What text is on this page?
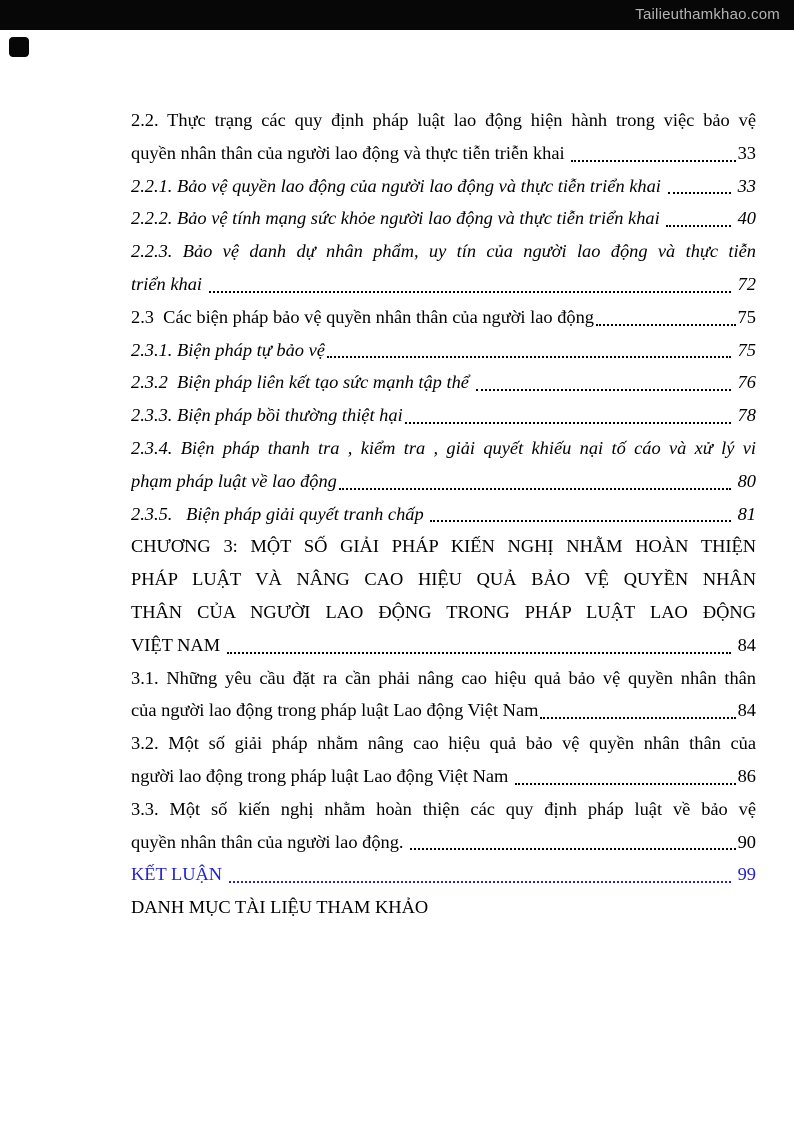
Tailieuthamkhao.com
2.2. Thực trạng các quy định pháp luật lao động hiện hành trong việc bảo vệ
quyền nhân thân của người lao động và thực tiễn triễn khai	33
2.2.1. Bảo vệ quyền lao động của người lao động và thực tiễn triển khai	33
2.2.2. Bảo vệ tính mạng sức khỏe người lao động và thực tiễn triển khai	40
2.2.3. Bảo vệ danh dự nhân phẩm, uy tín của người lao động và thực tiễn
triển khai	72
2.3  Các biện pháp bảo vệ quyền nhân thân của người lao động	75
2.3.1. Biện pháp tự bảo vệ	75
2.3.2  Biện pháp liên kết tạo sức mạnh tập thể	76
2.3.3. Biện pháp bồi thường thiệt hại	78
2.3.4. Biện pháp thanh tra , kiểm tra , giải quyết khiếu nại tố cáo và xử lý vi
phạm pháp luật về lao động	80
2.3.5.   Biện pháp giải quyết tranh chấp	81
CHƯƠNG 3: MỘT SỐ GIẢI PHÁP KIẾN NGHỊ NHẰM HOÀN THIỆN
PHÁP LUẬT VÀ NÂNG CAO HIỆU QUẢ BẢO VỆ QUYỀN NHÂN
THÂN CỦA NGƯỜI LAO ĐỘNG TRONG PHÁP LUẬT LAO ĐỘNG
VIỆT NAM	84
3.1. Những yêu cầu đặt ra cần phải nâng cao hiệu quả bảo vệ quyền nhân thân
của người lao động trong pháp luật Lao động Việt Nam	84
3.2. Một số giải pháp nhằm nâng cao hiệu quả bảo vệ quyền nhân thân của
người lao động trong pháp luật Lao động Việt Nam	86
3.3. Một số kiến nghị nhằm hoàn thiện các quy định pháp luật về bảo vệ
quyền nhân thân của người lao động.	90
KẾT LUẬN	99
DANH MỤC TÀI LIỆU THAM KHẢO
